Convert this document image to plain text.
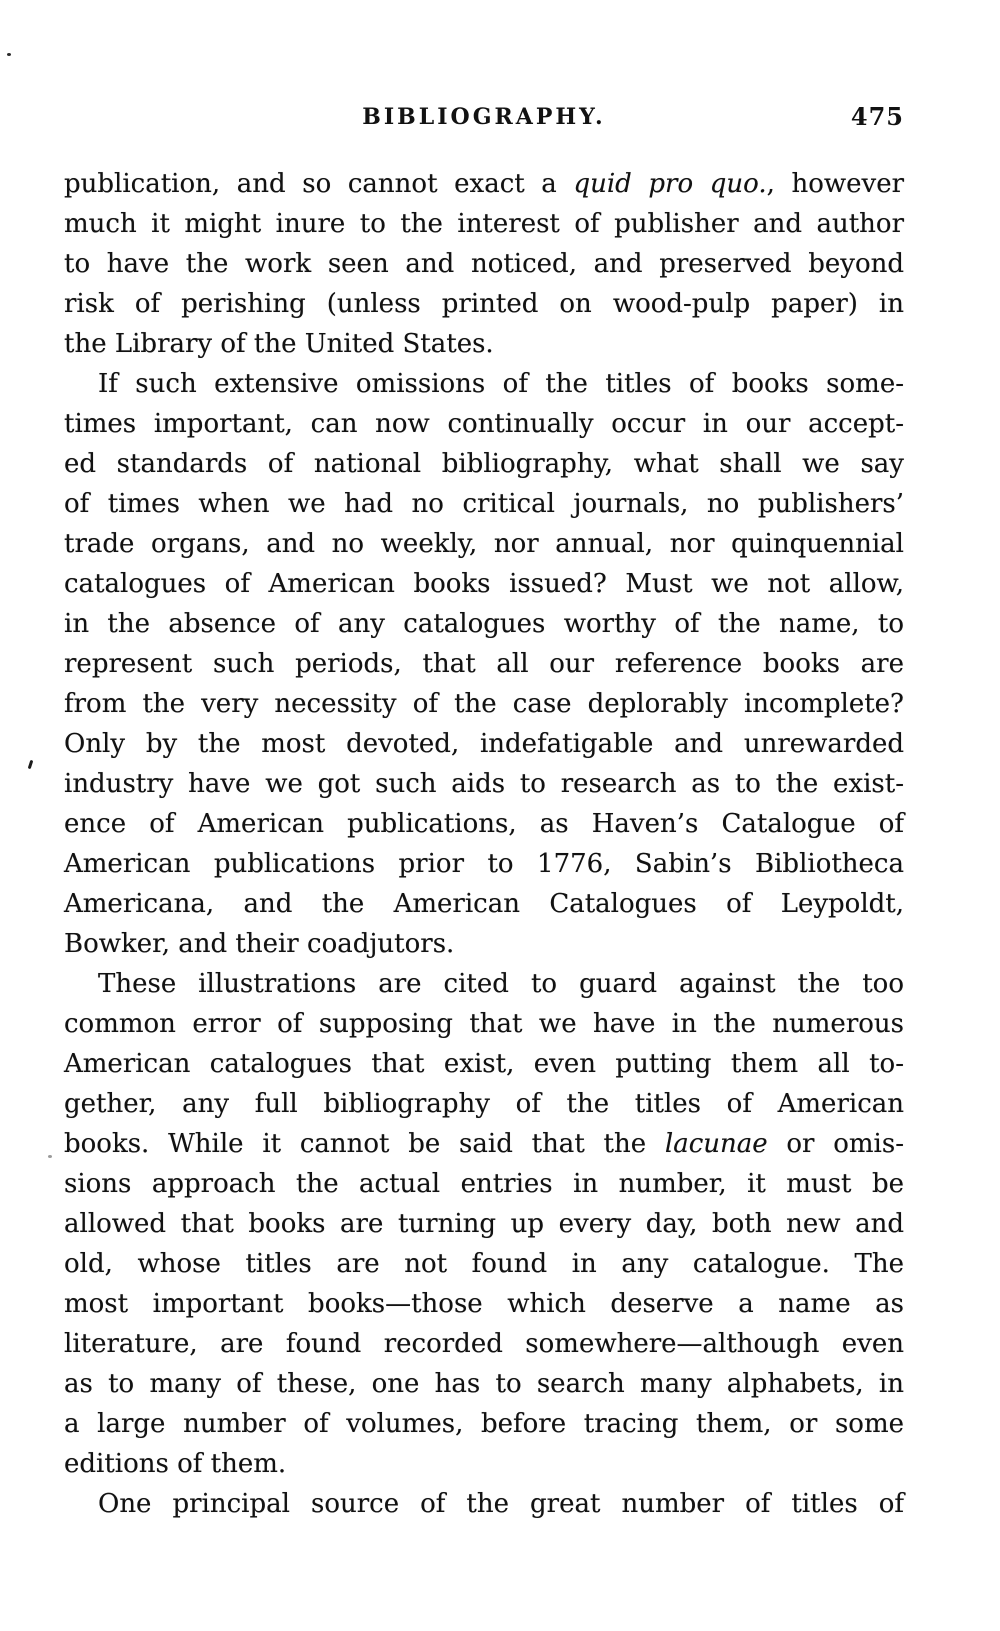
BIBLIOGRAPHY.	475
publication, and so cannot exact a quid pro quo., however
much it might inure to the interest of publisher and author
to have the work seen and noticed, and preserved beyond
risk of perishing (unless printed on wood-pulp paper) in
the Library of the United States.
If such extensive omissions of the titles of books some-
times important, can now continually occur in our accept-
ed standards of national bibliography, what shall we say
of times when we had no critical journals, no publishers’
trade organs, and no weekly, nor annual, nor quinquennial
catalogues of American books issued? Must we not allow,
in the absence of any catalogues worthy of the name, to
represent such periods, that all our reference books are
from the very necessity of the case deplorably incomplete?
Only by the most devoted, indefatigable and unrewarded
industry have we got such aids to research as to the exist-
ence of American publications, as Haven’s Catalogue of
American publications prior to 1776, Sabin’s Bibliotheca
Americana, and the American Catalogues of Leypoldt,
Bowker, and their coadjutors.
These illustrations are cited to guard against the too
common error of supposing that we have in the numerous
American catalogues that exist, even putting them all to-
gether, any full bibliography of the titles of American
books. While it cannot be said that the lacunae or omis-
sions approach the actual entries in number, it must be
allowed that books are turning up every day, both new and
old, whose titles are not found in any catalogue. The
most important books—those which deserve a name as
literature, are found recorded somewhere—although even
as to many of these, one has to search many alphabets, in
a large number of volumes, before tracing them, or some
editions of them.
One principal source of the great number of titles of
